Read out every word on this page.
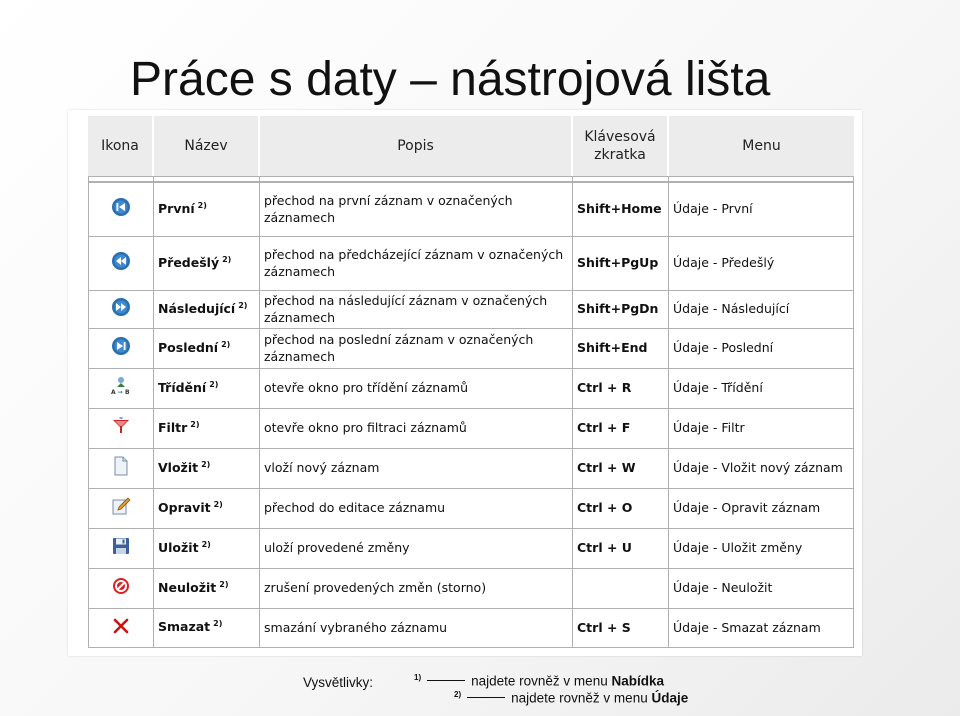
Práce s daty – nástrojová lišta
Ikona	Název	Popis	Klávesová zkratka	Menu

	První $^{2)}$	přechod na první záznam v označených záznamech	Shift+Home	Údaje - První
	Předešlý $^{2)}$	přechod na předcházející záznam v označených záznamech	Shift+PgUp	Údaje - Předešlý
	Následující $^{2)}$	přechod na následující záznam v označených záznamech	Shift+PgDn	Údaje - Následující
	Poslední $^{2)}$	přechod na poslední záznam v označených záznamech	Shift+End	Údaje - Poslední

A → B	Třídění $^{2)}$	otevře okno pro třídění záznamů	Ctrl + R	Údaje - Třídění
	Filtr $^{2)}$	otevře okno pro filtraci záznamů	Ctrl + F	Údaje - Filtr
	Vložit $^{2)}$	vloží nový záznam	Ctrl + W	Údaje - Vložit nový záznam
	Opravit $^{2)}$	přechod do editace záznamu	Ctrl + O	Údaje - Opravit záznam
	Uložit $^{2)}$	uloží provedené změny	Ctrl + U	Údaje - Uložit změny
	Neuložit $^{2)}$	zrušení provedených změn (storno)		Údaje - Neuložit
	Smazat $^{2)}$	smazání vybraného záznamu	Ctrl + S	Údaje - Smazat záznam
Vysvětlivky:	$^{1)}$	najdete rovněž v menu Nabídka
$^{2)}$	najdete rovněž v menu Údaje
